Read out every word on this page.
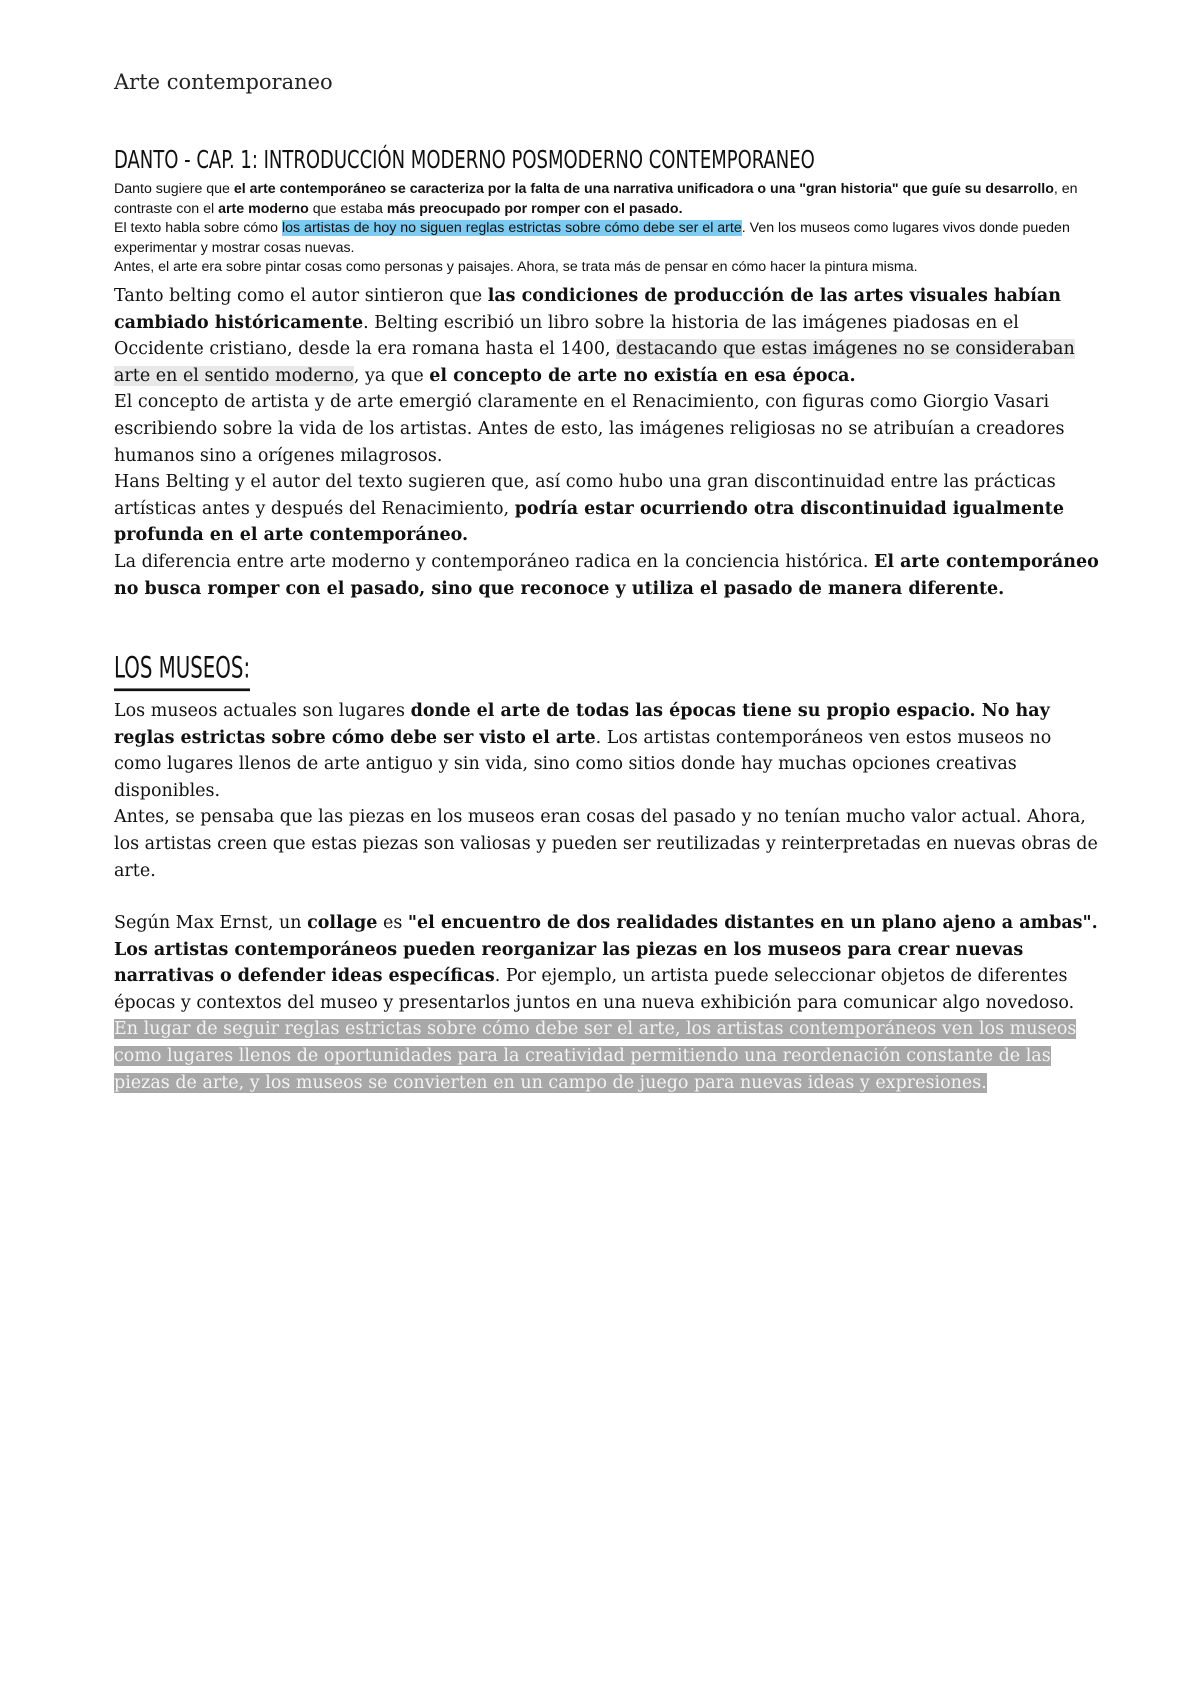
Arte contemporaneo
DANTO - CAP. 1: INTRODUCCIÓN MODERNO POSMODERNO CONTEMPORANEO

Danto sugiere que el arte contemporáneo se caracteriza por la falta de una narrativa unificadora o una "gran historia" que guíe su desarrollo, en contraste con el arte moderno que estaba más preocupado por romper con el pasado.

El texto habla sobre cómo los artistas de hoy no siguen reglas estrictas sobre cómo debe ser el arte. Ven los museos como lugares vivos donde pueden experimentar y mostrar cosas nuevas.

Antes, el arte era sobre pintar cosas como personas y paisajes. Ahora, se trata más de pensar en cómo hacer la pintura misma.

Tanto belting como el autor sintieron que las condiciones de producción de las artes visuales habían cambiado históricamente. Belting escribió un libro sobre la historia de las imágenes piadosas en el Occidente cristiano, desde la era romana hasta el 1400, destacando que estas imágenes no se consideraban arte en el sentido moderno, ya que el concepto de arte no existía en esa época.

El concepto de artista y de arte emergió claramente en el Renacimiento, con figuras como Giorgio Vasari escribiendo sobre la vida de los artistas. Antes de esto, las imágenes religiosas no se atribuían a creadores humanos sino a orígenes milagrosos.

Hans Belting y el autor del texto sugieren que, así como hubo una gran discontinuidad entre las prácticas artísticas antes y después del Renacimiento, podría estar ocurriendo otra discontinuidad igualmente profunda en el arte contemporáneo.

La diferencia entre arte moderno y contemporáneo radica en la conciencia histórica. El arte contemporáneo no busca romper con el pasado, sino que reconoce y utiliza el pasado de manera diferente.

LOS MUSEOS:

Los museos actuales son lugares donde el arte de todas las épocas tiene su propio espacio. No hay reglas estrictas sobre cómo debe ser visto el arte. Los artistas contemporáneos ven estos museos no como lugares llenos de arte antiguo y sin vida, sino como sitios donde hay muchas opciones creativas disponibles.

Antes, se pensaba que las piezas en los museos eran cosas del pasado y no tenían mucho valor actual. Ahora, los artistas creen que estas piezas son valiosas y pueden ser reutilizadas y reinterpretadas en nuevas obras de arte.

Según Max Ernst, un collage es "el encuentro de dos realidades distantes en un plano ajeno a ambas".

Los artistas contemporáneos pueden reorganizar las piezas en los museos para crear nuevas narrativas o defender ideas específicas. Por ejemplo, un artista puede seleccionar objetos de diferentes épocas y contextos del museo y presentarlos juntos en una nueva exhibición para comunicar algo novedoso.

En lugar de seguir reglas estrictas sobre cómo debe ser el arte, los artistas contemporáneos ven los museos como lugares llenos de oportunidades para la creatividad permitiendo una reordenación constante de las piezas de arte, y los museos se convierten en un campo de juego para nuevas ideas y expresiones.
